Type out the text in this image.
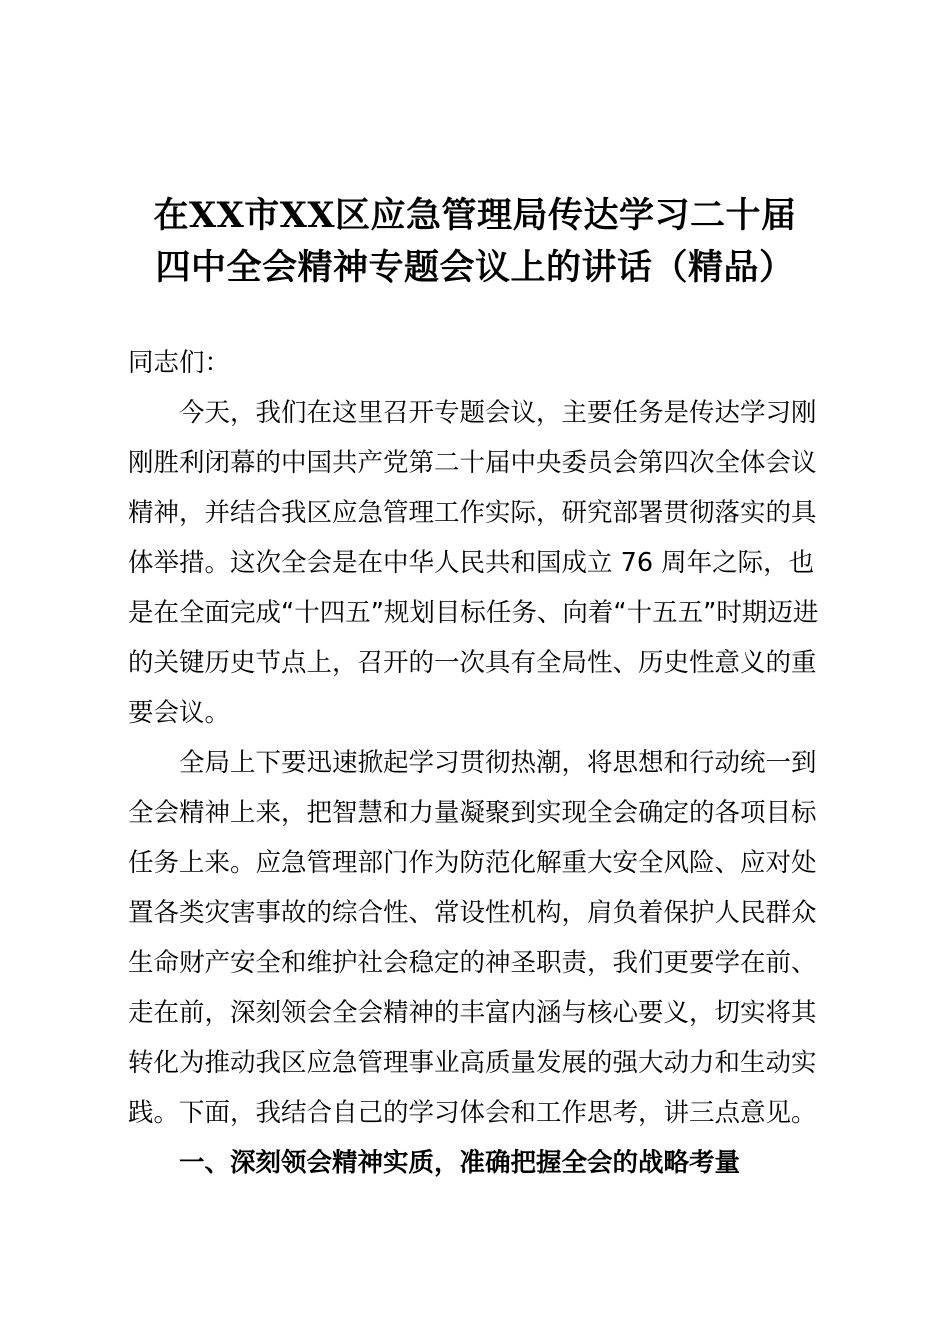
在XX市XX区应急管理局传达学习二十届
四中全会精神专题会议上的讲话（精品）
同志们：
今天，我们在这里召开专题会议，主要任务是传达学习刚
刚胜利闭幕的中国共产党第二十届中央委员会第四次全体会议
精神，并结合我区应急管理工作实际，研究部署贯彻落实的具
体举措。这次全会是在中华人民共和国成立 76 周年之际，也
是在全面完成“十四五”规划目标任务、向着“十五五”时期迈进
的关键历史节点上，召开的一次具有全局性、历史性意义的重
要会议。
全局上下要迅速掀起学习贯彻热潮，将思想和行动统一到
全会精神上来，把智慧和力量凝聚到实现全会确定的各项目标
任务上来。应急管理部门作为防范化解重大安全风险、应对处
置各类灾害事故的综合性、常设性机构，肩负着保护人民群众
生命财产安全和维护社会稳定的神圣职责，我们更要学在前、
走在前，深刻领会全会精神的丰富内涵与核心要义，切实将其
转化为推动我区应急管理事业高质量发展的强大动力和生动实
践。下面，我结合自己的学习体会和工作思考，讲三点意见。
一、深刻领会精神实质，准确把握全会的战略考量
